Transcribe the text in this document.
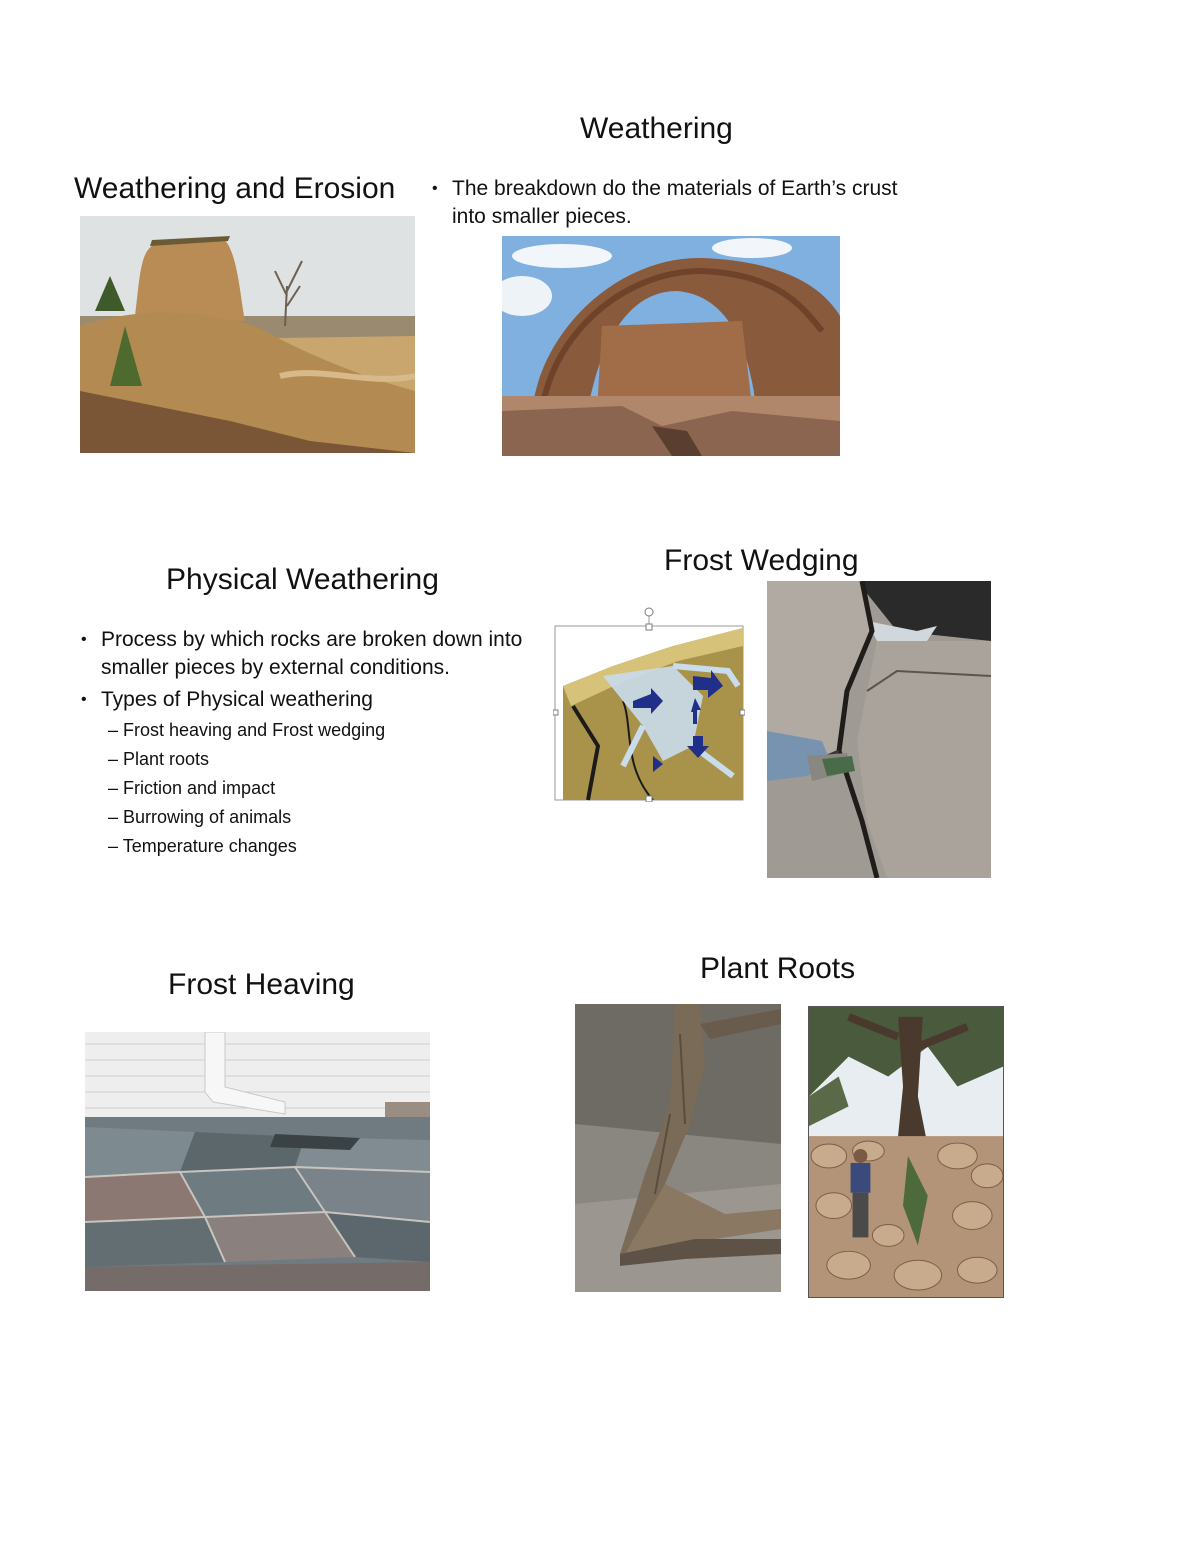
Weathering
Weathering and Erosion
•	The breakdown do the materials of Earth’s crust into smaller pieces.
Physical Weathering
Frost Wedging
• Process by which rocks are broken down into smaller pieces by external conditions.
• Types of Physical weathering
– Frost heaving and Frost wedging
– Plant roots
– Friction and impact
– Burrowing of animals
– Temperature changes
Frost Heaving	Plant Roots
